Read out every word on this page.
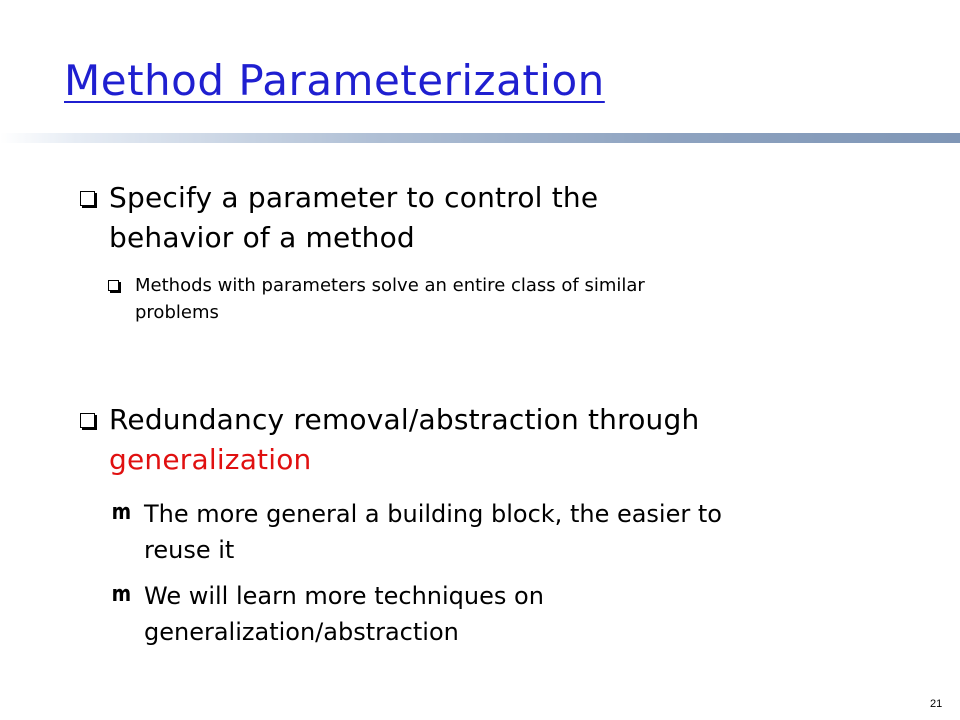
Method Parameterization
Specify a parameter to control the
behavior of a method
Methods with parameters solve an entire class of similar
problems
Redundancy removal/abstraction through
generalization
m The more general a building block, the easier to
reuse it
m We will learn more techniques on
generalization/abstraction
21
